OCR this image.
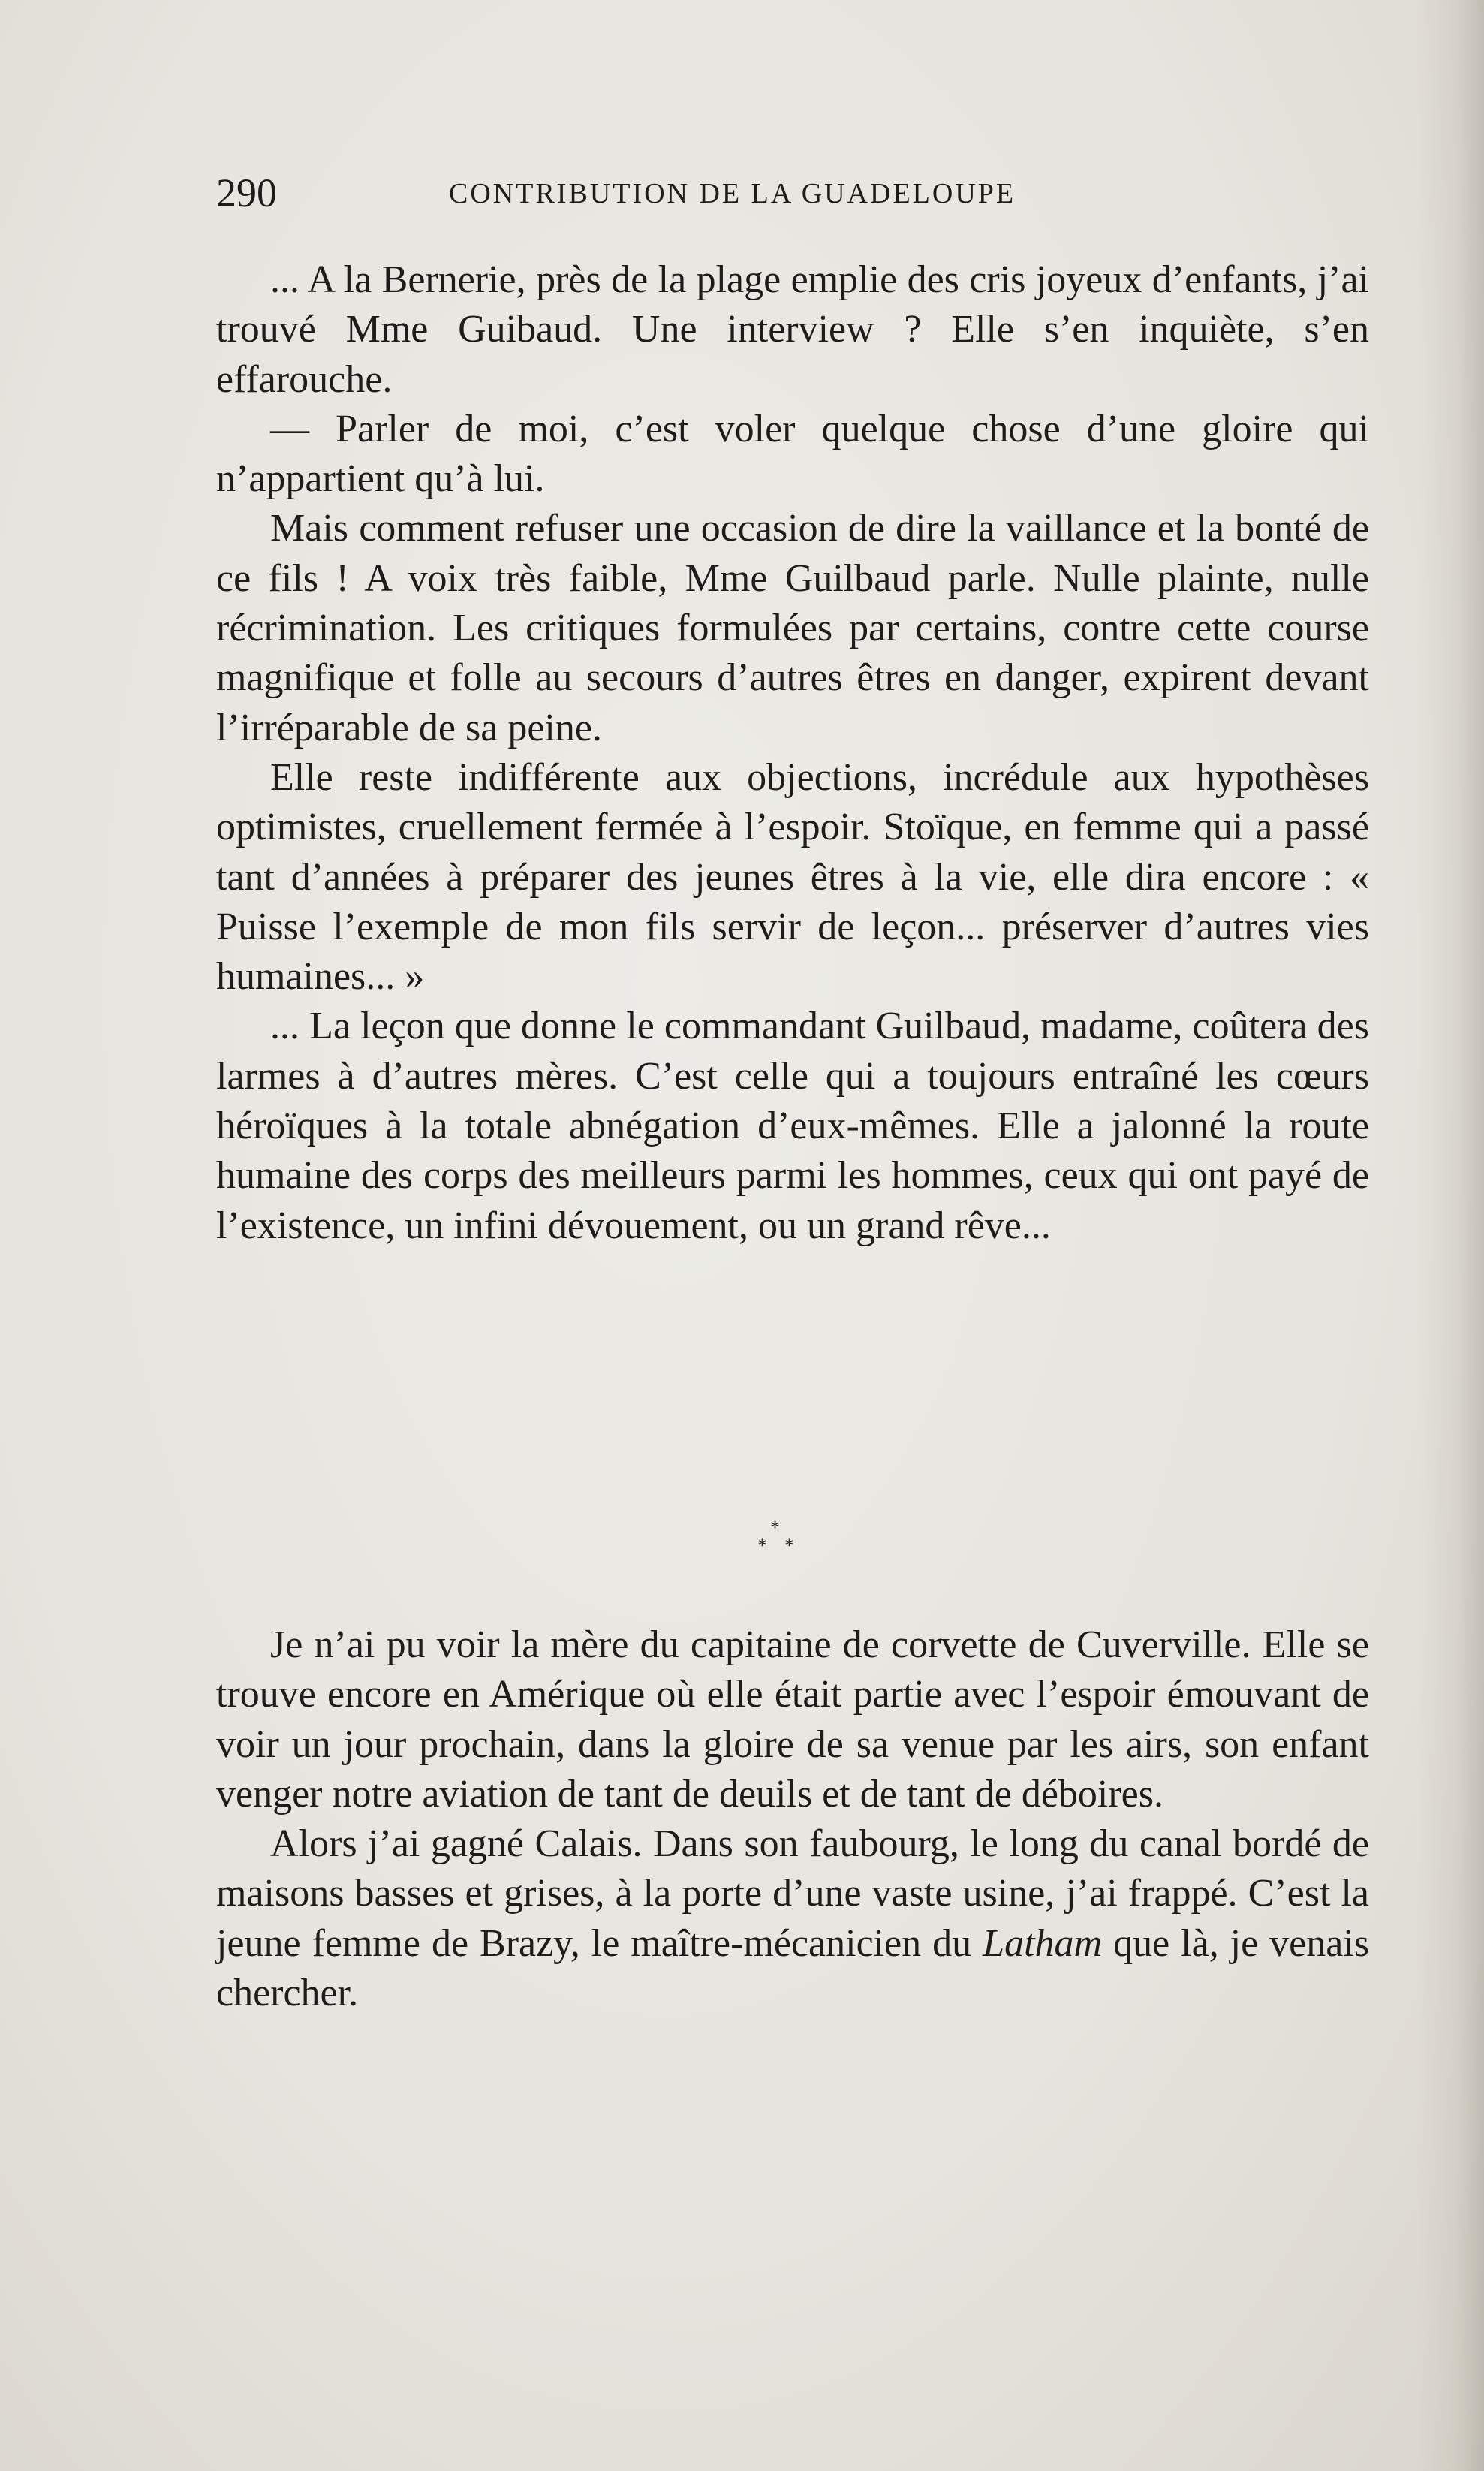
290	CONTRIBUTION DE LA GUADELOUPE

... A la Bernerie, près de la plage emplie des cris joyeux d’enfants, j’ai trouvé Mme Guibaud. Une interview ? Elle s’en inquiète, s’en effarouche.

— Parler de moi, c’est voler quelque chose d’une gloire qui n’appartient qu’à lui.

Mais comment refuser une occasion de dire la vaillance et la bonté de ce fils ! A voix très faible, Mme Guilbaud parle. Nulle plainte, nulle récrimination. Les critiques formulées par certains, contre cette course magnifique et folle au secours d’autres êtres en danger, expirent devant l’irréparable de sa peine.

Elle reste indifférente aux objections, incrédule aux hypothèses optimistes, cruellement fermée à l’espoir. Stoïque, en femme qui a passé tant d’années à préparer des jeunes êtres à la vie, elle dira encore : « Puisse l’exemple de mon fils servir de leçon... préserver d’autres vies humaines... »

... La leçon que donne le commandant Guilbaud, madame, coûtera des larmes à d’autres mères. C’est celle qui a toujours entraîné les cœurs héroïques à la totale abnégation d’eux-mêmes. Elle a jalonné la route humaine des corps des meilleurs parmi les hommes, ceux qui ont payé de l’existence, un infini dévouement, ou un grand rêve...

*
* *

Je n’ai pu voir la mère du capitaine de corvette de Cuverville. Elle se trouve encore en Amérique où elle était partie avec l’espoir émouvant de voir un jour prochain, dans la gloire de sa venue par les airs, son enfant venger notre aviation de tant de deuils et de tant de déboires.

Alors j’ai gagné Calais. Dans son faubourg, le long du canal bordé de maisons basses et grises, à la porte d’une vaste usine, j’ai frappé. C’est la jeune femme de Brazy, le maître-mécanicien du Latham que là, je venais chercher.
